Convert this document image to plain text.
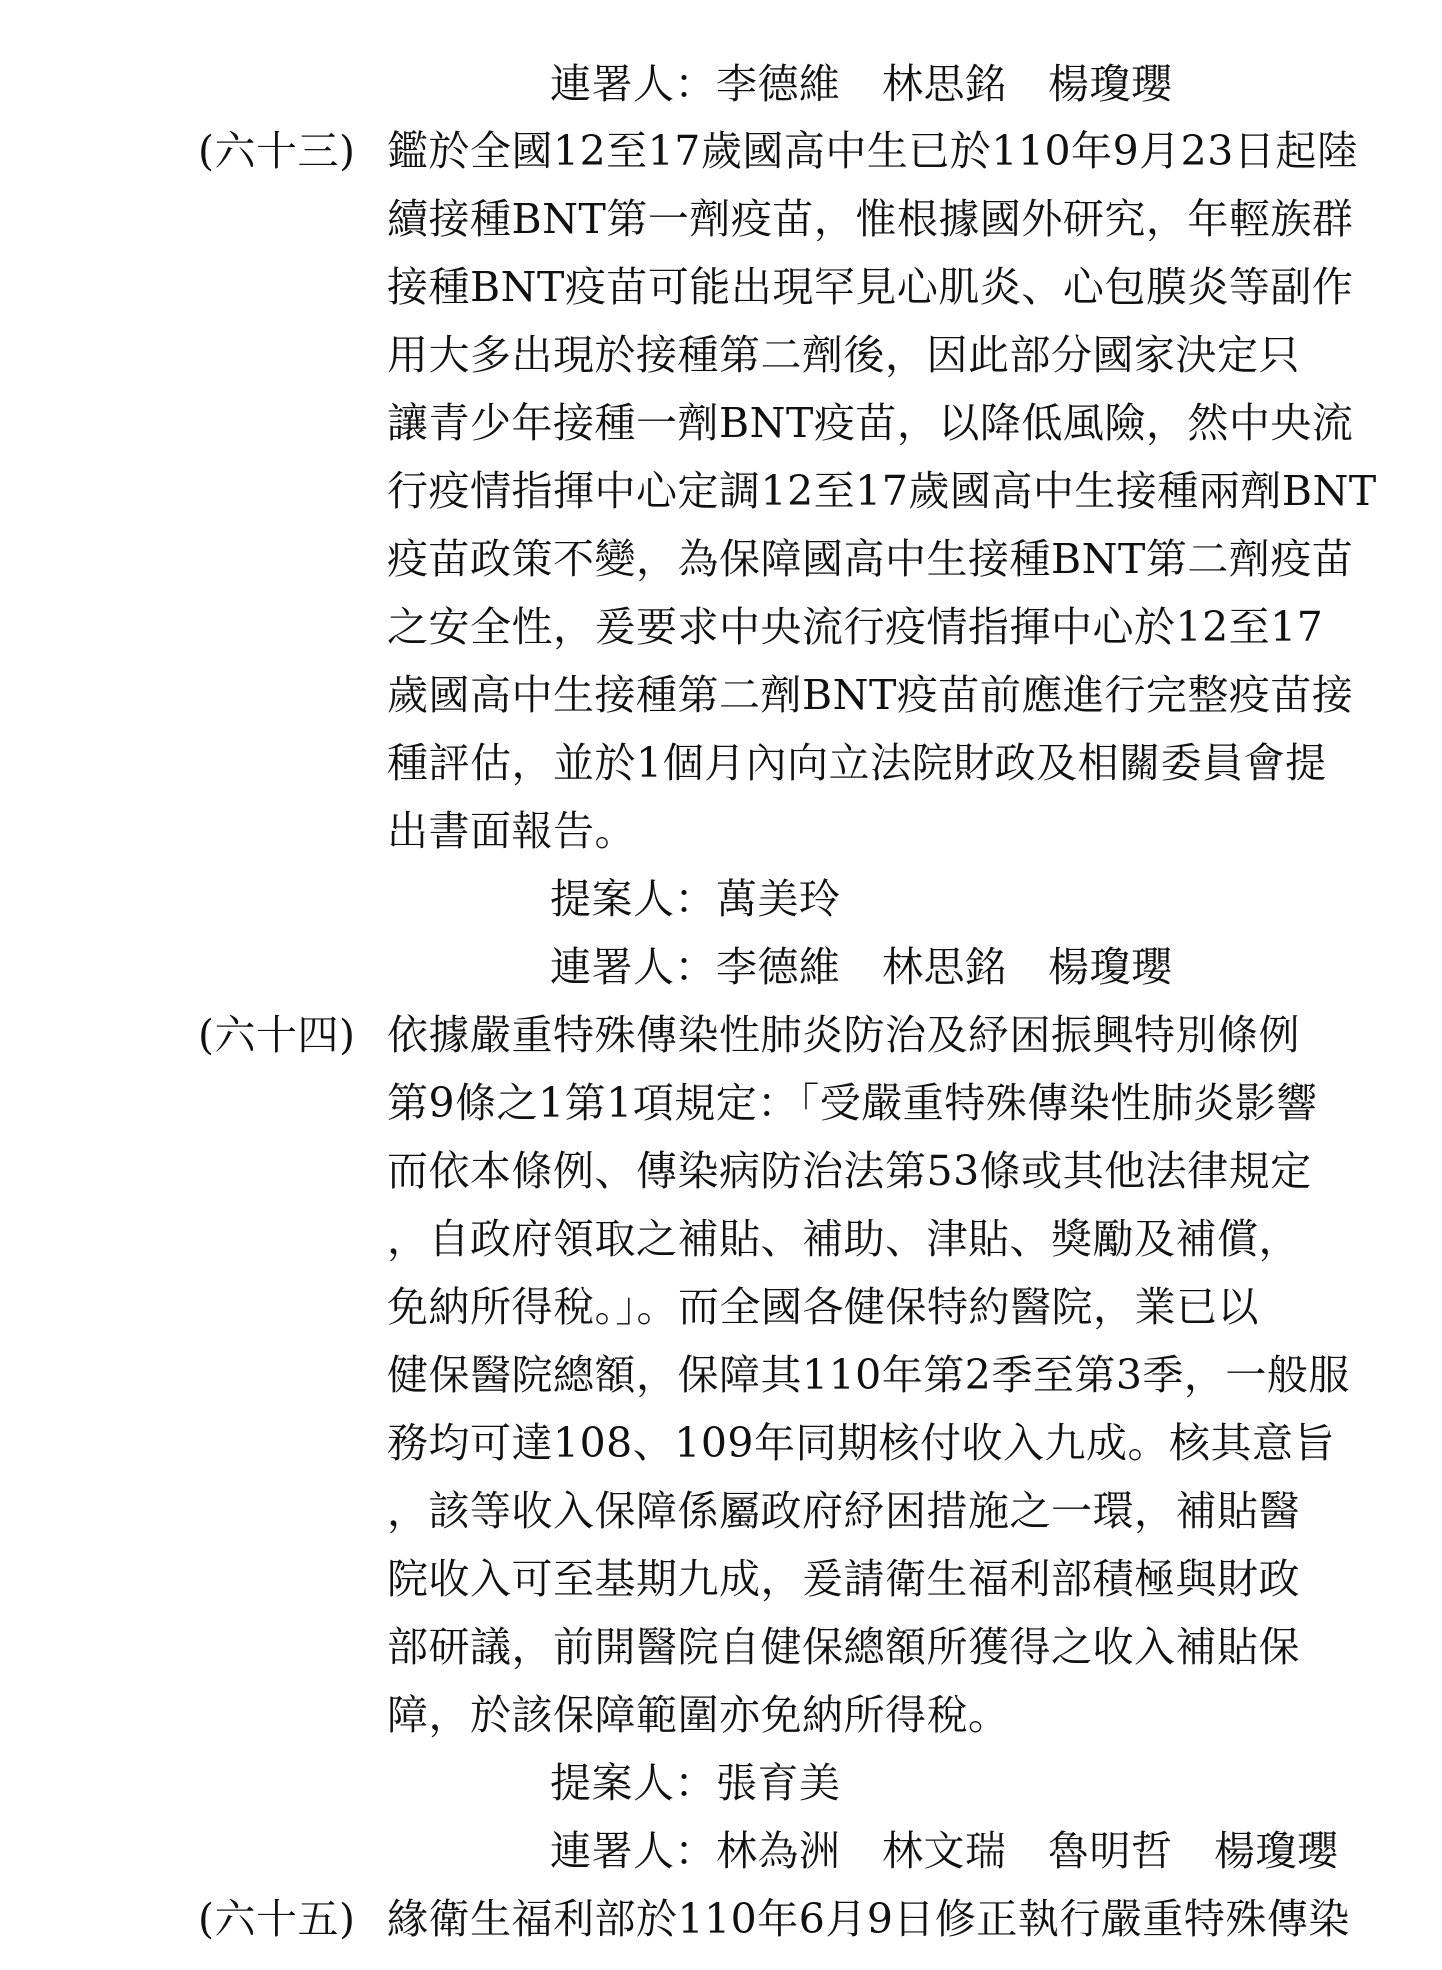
連署人：李德維　林思銘　楊瓊瓔
(六十三) 鑑於全國12至17歲國高中生已於110年9月23日起陸
續接種BNT第一劑疫苗，惟根據國外研究，年輕族群
接種BNT疫苗可能出現罕見心肌炎、心包膜炎等副作
用大多出現於接種第二劑後，因此部分國家決定只
讓青少年接種一劑BNT疫苗，以降低風險，然中央流
行疫情指揮中心定調12至17歲國高中生接種兩劑BNT
疫苗政策不變，為保障國高中生接種BNT第二劑疫苗
之安全性，爰要求中央流行疫情指揮中心於12至17
歲國高中生接種第二劑BNT疫苗前應進行完整疫苗接
種評估，並於1個月內向立法院財政及相關委員會提
出書面報告。
提案人：萬美玲
連署人：李德維　林思銘　楊瓊瓔
(六十四) 依據嚴重特殊傳染性肺炎防治及紓困振興特別條例
第9條之1第1項規定：「受嚴重特殊傳染性肺炎影響
而依本條例、傳染病防治法第53條或其他法律規定
，自政府領取之補貼、補助、津貼、獎勵及補償，
免納所得稅。」。而全國各健保特約醫院，業已以
健保醫院總額，保障其110年第2季至第3季，一般服
務均可達108、109年同期核付收入九成。核其意旨
，該等收入保障係屬政府紓困措施之一環，補貼醫
院收入可至基期九成，爰請衛生福利部積極與財政
部研議，前開醫院自健保總額所獲得之收入補貼保
障，於該保障範圍亦免納所得稅。
提案人：張育美
連署人：林為洲　林文瑞　魯明哲　楊瓊瓔
(六十五) 緣衛生福利部於110年6月9日修正執行嚴重特殊傳染
